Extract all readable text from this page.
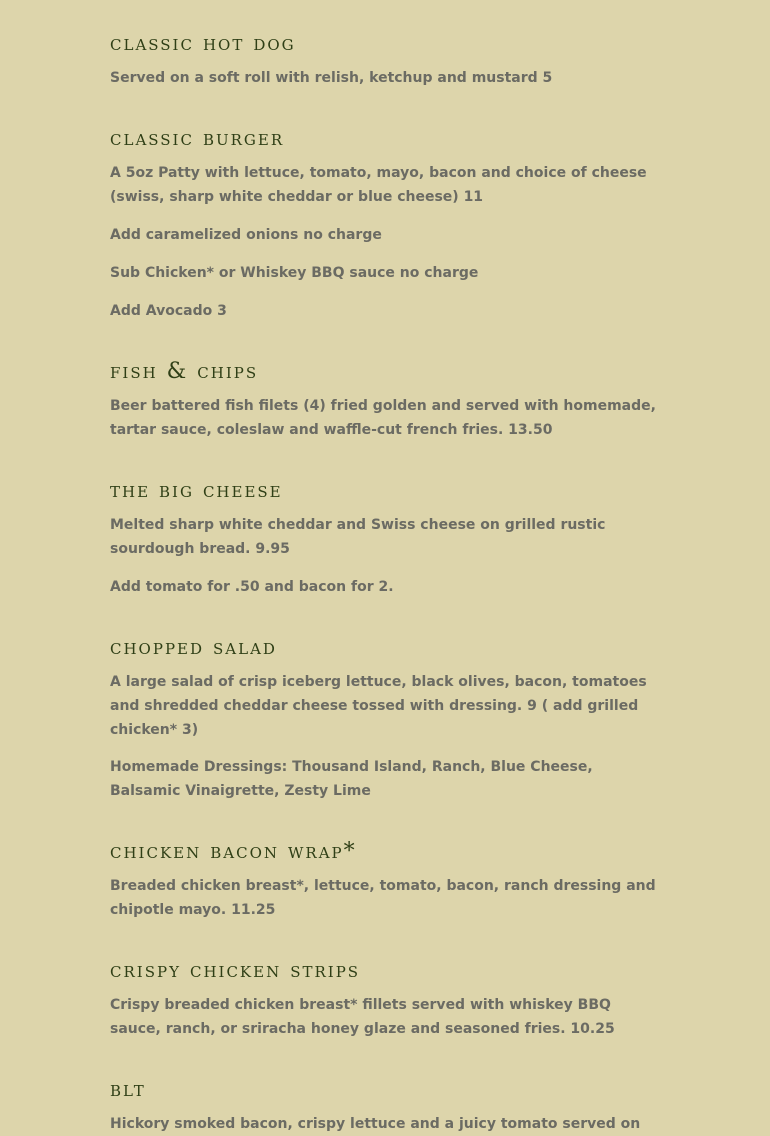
classic hot dog

Served on a soft roll with relish, ketchup and mustard 5

classic burger

A 5oz Patty with lettuce, tomato, mayo, bacon and choice of cheese (swiss, sharp white cheddar or blue cheese) 11

Add caramelized onions no charge

Sub Chicken* or Whiskey BBQ sauce no charge

Add Avocado 3

fish & chips

Beer battered fish filets (4) fried golden and served with homemade, tartar sauce, coleslaw and waffle-cut french fries. 13.50

the big cheese

Melted sharp white cheddar and Swiss cheese on grilled rustic sourdough bread. 9.95

Add tomato for .50 and bacon for 2.

chopped salad

A large salad of crisp iceberg lettuce, black olives, bacon, tomatoes and shredded cheddar cheese tossed with dressing. 9 ( add grilled chicken* 3)

Homemade Dressings: Thousand Island, Ranch, Blue Cheese, Balsamic Vinaigrette, Zesty Lime

chicken bacon wrap*

Breaded chicken breast*, lettuce, tomato, bacon, ranch dressing and chipotle mayo. 11.25

crispy chicken strips

Crispy breaded chicken breast* fillets served with whiskey BBQ sauce, ranch, or sriracha honey glaze and seasoned fries. 10.25

blt

Hickory smoked bacon, crispy lettuce and a juicy tomato served on
